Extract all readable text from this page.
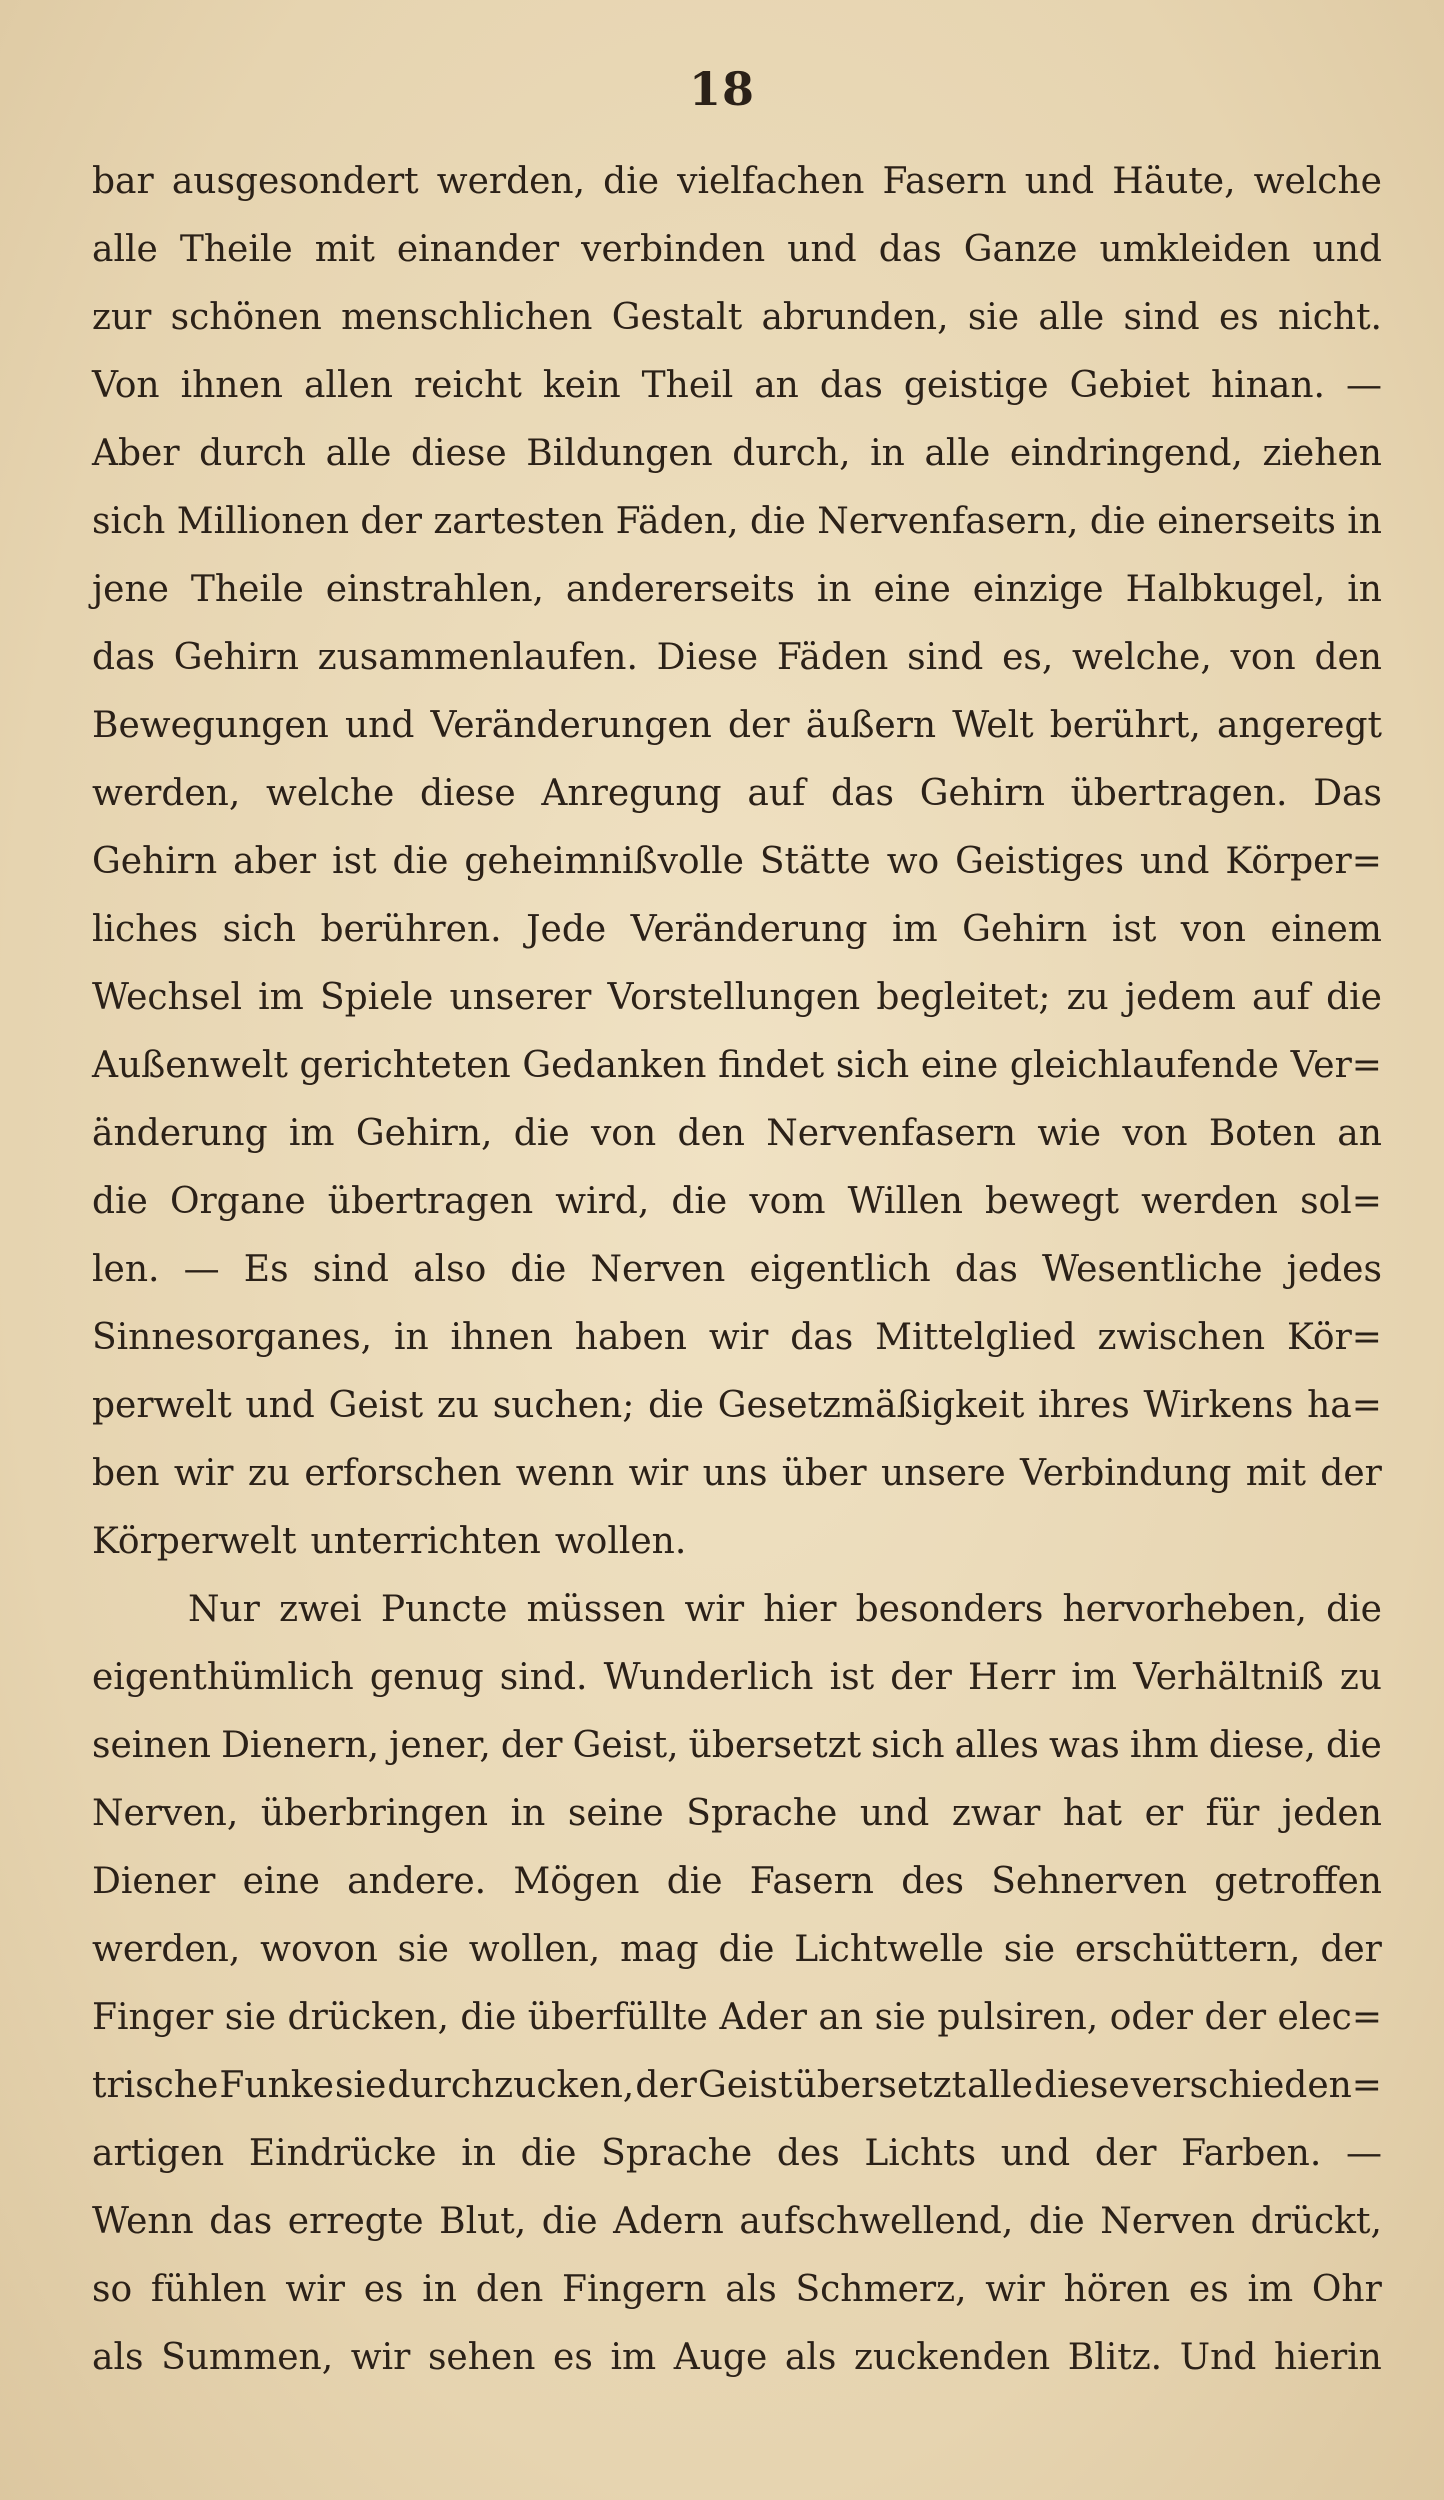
18
bar ausgesondert werden, die vielfachen Fasern und Häute, welche
alle Theile mit einander verbinden und das Ganze umkleiden und
zur schönen menschlichen Gestalt abrunden, sie alle sind es nicht.
Von ihnen allen reicht kein Theil an das geistige Gebiet hinan. —
Aber durch alle diese Bildungen durch, in alle eindringend, ziehen
sich Millionen der zartesten Fäden, die Nervenfasern, die einerseits in
jene Theile einstrahlen, andererseits in eine einzige Halbkugel, in
das Gehirn zusammenlaufen. Diese Fäden sind es, welche, von den
Bewegungen und Veränderungen der äußern Welt berührt, angeregt
werden, welche diese Anregung auf das Gehirn übertragen. Das
Gehirn aber ist die geheimnißvolle Stätte wo Geistiges und Körper=
liches sich berühren. Jede Veränderung im Gehirn ist von einem
Wechsel im Spiele unserer Vorstellungen begleitet; zu jedem auf die
Außenwelt gerichteten Gedanken findet sich eine gleichlaufende Ver=
änderung im Gehirn, die von den Nervenfasern wie von Boten an
die Organe übertragen wird, die vom Willen bewegt werden sol=
len. — Es sind also die Nerven eigentlich das Wesentliche jedes
Sinnesorganes, in ihnen haben wir das Mittelglied zwischen Kör=
perwelt und Geist zu suchen; die Gesetzmäßigkeit ihres Wirkens ha=
ben wir zu erforschen wenn wir uns über unsere Verbindung mit der
Körperwelt unterrichten wollen.
Nur zwei Puncte müssen wir hier besonders hervorheben, die
eigenthümlich genug sind. Wunderlich ist der Herr im Verhältniß zu
seinen Dienern, jener, der Geist, übersetzt sich alles was ihm diese, die
Nerven, überbringen in seine Sprache und zwar hat er für jeden
Diener eine andere. Mögen die Fasern des Sehnerven getroffen
werden, wovon sie wollen, mag die Lichtwelle sie erschüttern, der
Finger sie drücken, die überfüllte Ader an sie pulsiren, oder der elec=
trische Funke sie durchzucken, der Geist übersetzt alle diese verschieden=
artigen Eindrücke in die Sprache des Lichts und der Farben. —
Wenn das erregte Blut, die Adern aufschwellend, die Nerven drückt,
so fühlen wir es in den Fingern als Schmerz, wir hören es im Ohr
als Summen, wir sehen es im Auge als zuckenden Blitz. Und hierin
